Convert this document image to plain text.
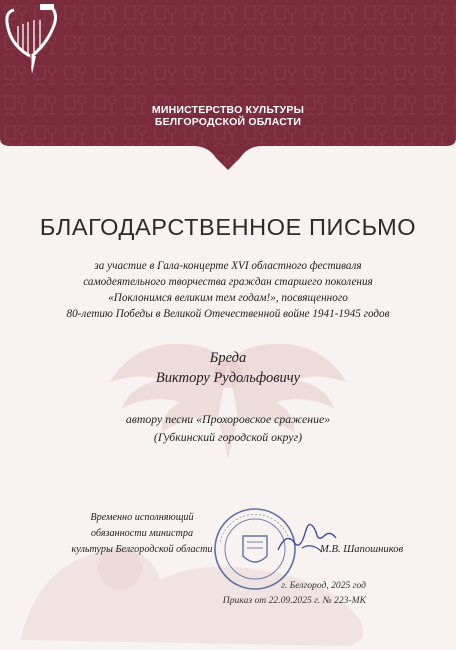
МИНИСТЕРСТВО КУЛЬТУРЫ
БЕЛГОРОДСКОЙ ОБЛАСТИ
БЛАГОДАРСТВЕННОЕ ПИСЬМО
за участие в Гала-концерте XVI областного фестиваля
самодеятельного творчества граждан старшего поколения
«Поклонимся великим тем годам!», посвященного
80-летию Победы в Великой Отечественной войне 1941-1945 годов
Бреда
Виктору Рудольфовичу
автору песни «Прохоровское сражение»
(Губкинский городской округ)
Временно исполняющий
обязанности министра
культуры Белгородской области	М.В. Шапошников
г. Белгород, 2025 год
Приказ от 22.09.2025 г. № 223-МК
